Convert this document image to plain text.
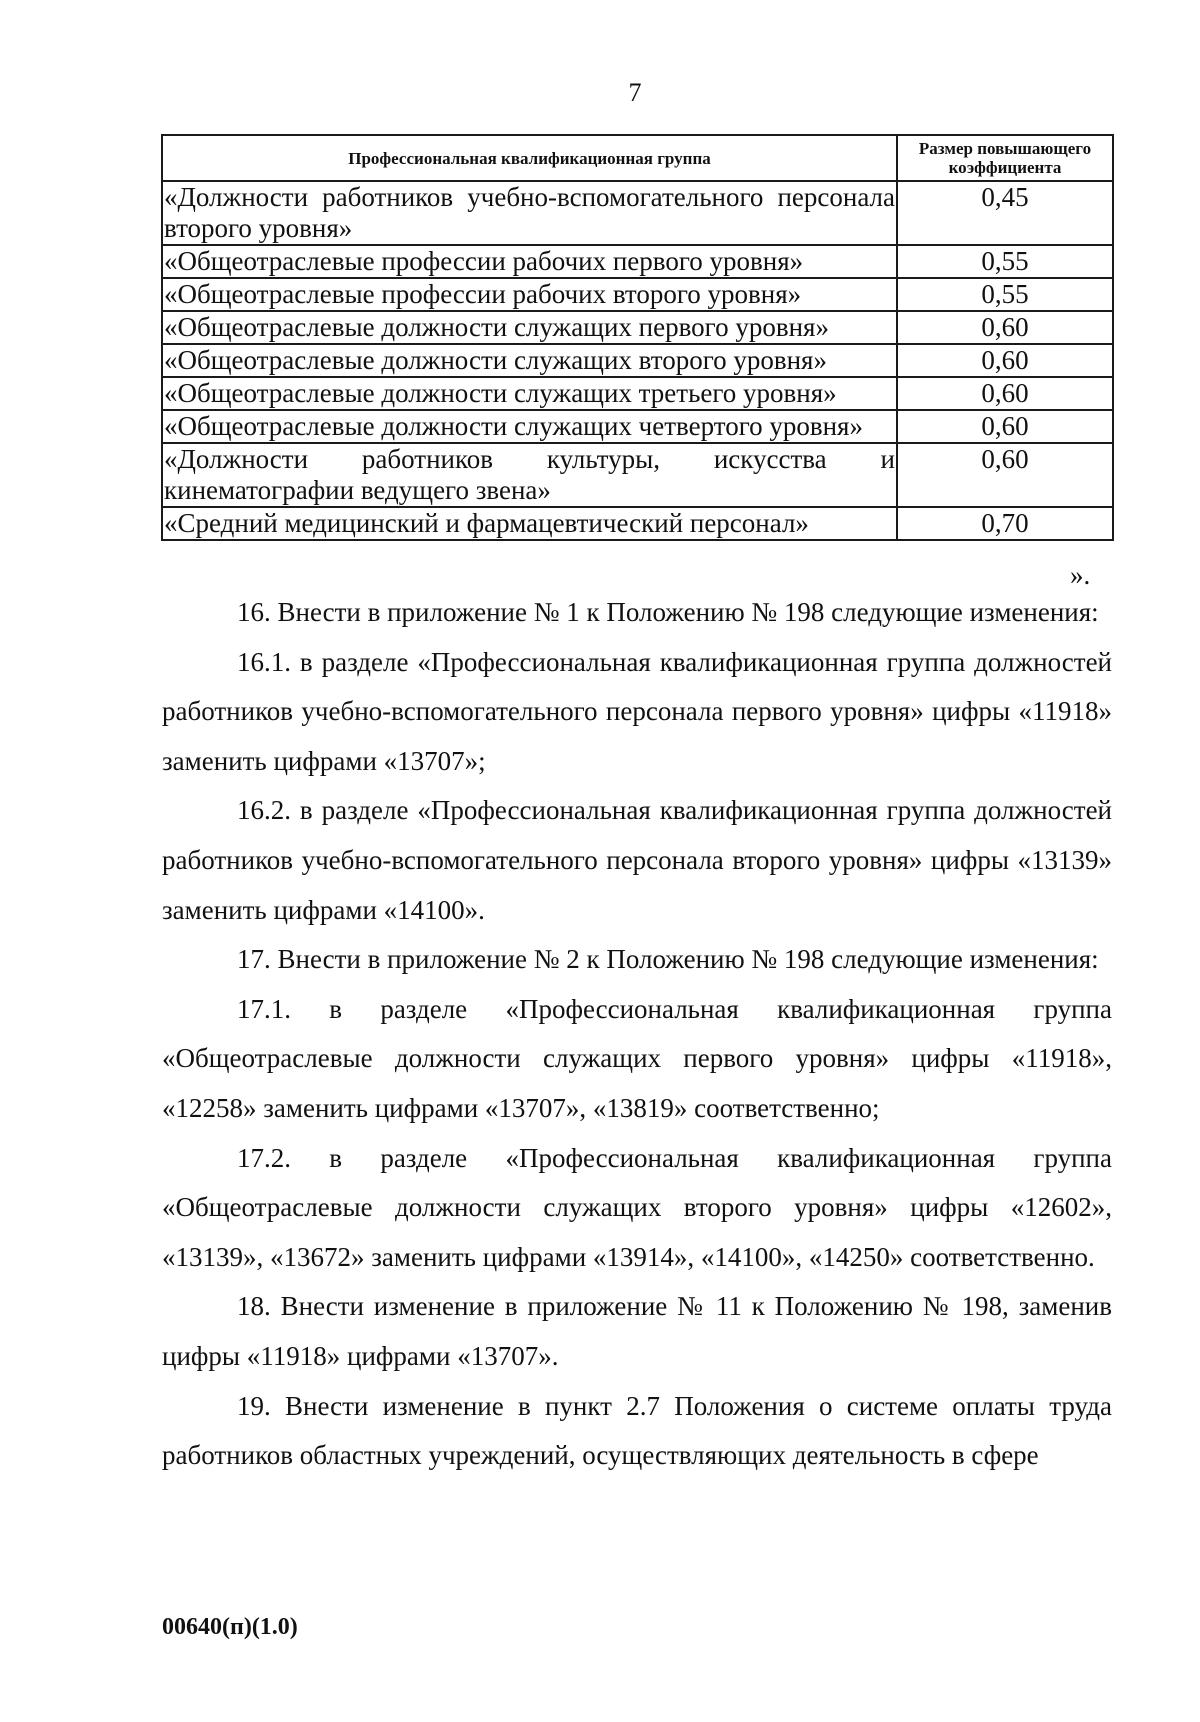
7
Профессиональная квалификационная группа	Размер повышающего коэффициента
«Должности работников учебно-вспомогательного персонала второго уровня»	0,45
«Общеотраслевые профессии рабочих первого уровня»	0,55
«Общеотраслевые профессии рабочих второго уровня»	0,55
«Общеотраслевые должности служащих первого уровня»	0,60
«Общеотраслевые должности служащих второго уровня»	0,60
«Общеотраслевые должности служащих третьего уровня»	0,60
«Общеотраслевые должности служащих четвертого уровня»	0,60
«Должности работников культуры, искусства и кинематографии ведущего звена»	0,60
«Средний медицинский и фармацевтический персонал»	0,70
».

16. Внести в приложение № 1 к Положению № 198 следующие изменения:

16.1. в разделе «Профессиональная квалификационная группа должностей работников учебно-вспомогательного персонала первого уровня» цифры «11918» заменить цифрами «13707»;

16.2. в разделе «Профессиональная квалификационная группа должностей работников учебно-вспомогательного персонала второго уровня» цифры «13139» заменить цифрами «14100».

17. Внести в приложение № 2 к Положению № 198 следующие изменения:

17.1. в разделе «Профессиональная квалификационная группа «Общеотраслевые должности служащих первого уровня» цифры «11918», «12258» заменить цифрами «13707», «13819» соответственно;

17.2. в разделе «Профессиональная квалификационная группа «Общеотраслевые должности служащих второго уровня» цифры «12602», «13139», «13672» заменить цифрами «13914», «14100», «14250» соответственно.

18. Внести изменение в приложение № 11 к Положению № 198, заменив цифры «11918» цифрами «13707».

19. Внести изменение в пункт 2.7 Положения о системе оплаты труда работников областных учреждений, осуществляющих деятельность в сфере

00640(п)(1.0)
